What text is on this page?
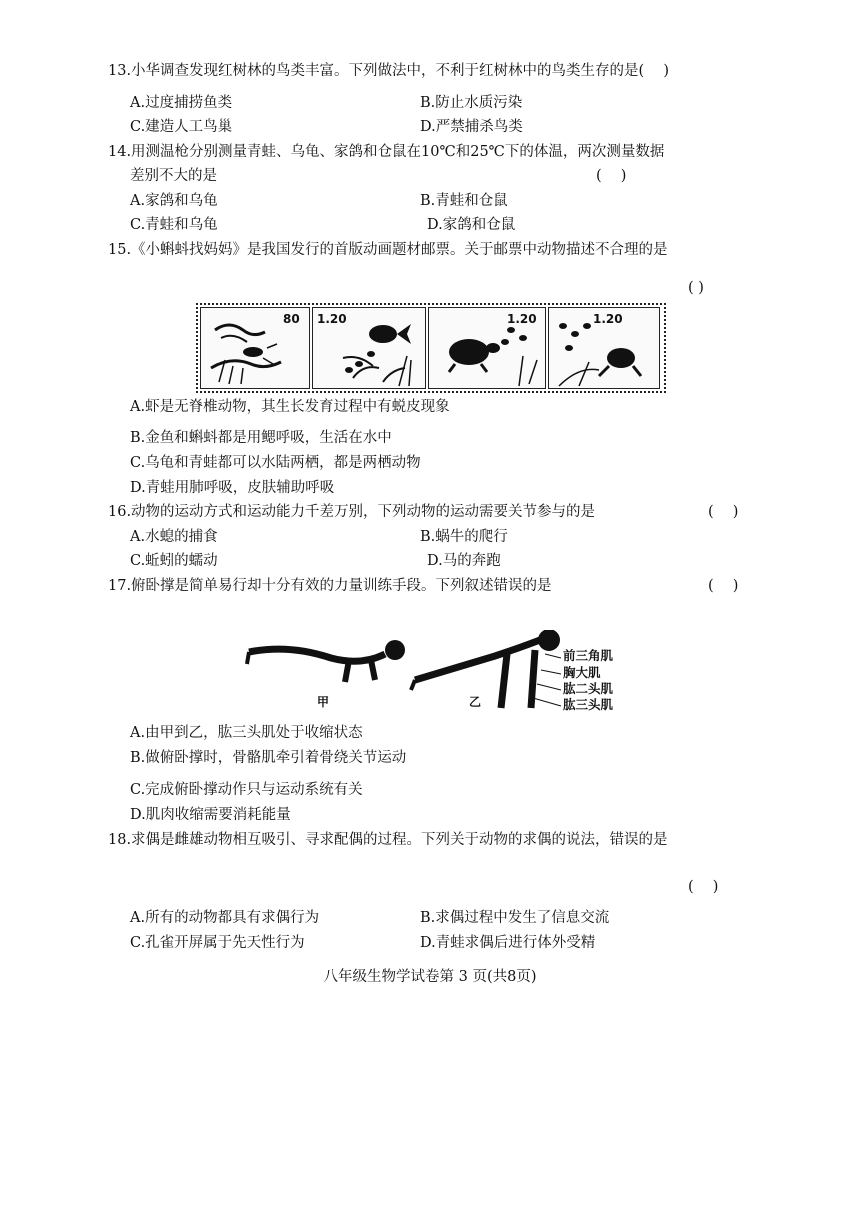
13.小华调查发现红树林的鸟类丰富。下列做法中，不利于红树林中的鸟类生存的是(　 )
A.过度捕捞鱼类	B.防止水质污染
C.建造人工鸟巢	D.严禁捕杀鸟类
14.用测温枪分别测量青蛙、乌龟、家鸽和仓鼠在10℃和25℃下的体温，两次测量数据
差别不大的是	(　 )
A.家鸽和乌龟	B.青蛙和仓鼠
C.青蛙和乌龟	D.家鸽和仓鼠
15.《小蝌蚪找妈妈》是我国发行的首版动画题材邮票。关于邮票中动物描述不合理的是
( )
80 1.20	1.20	1.20
A.虾是无脊椎动物，其生长发育过程中有蜕皮现象
B.金鱼和蝌蚪都是用鳃呼吸，生活在水中
C.乌龟和青蛙都可以水陆两栖，都是两栖动物
D.青蛙用肺呼吸，皮肤辅助呼吸
16.动物的运动方式和运动能力千差万别，下列动物的运动需要关节参与的是	(　 )
A.水螅的捕食	B.蜗牛的爬行
C.蚯蚓的蠕动	D.马的奔跑
17.俯卧撑是简单易行却十分有效的力量训练手段。下列叙述错误的是	(　 )
甲	乙
前三角肌
胸大肌
肱二头肌
肱三头肌
A.由甲到乙，肱三头肌处于收缩状态
B.做俯卧撑时，骨骼肌牵引着骨绕关节运动
C.完成俯卧撑动作只与运动系统有关
D.肌肉收缩需要消耗能量
18.求偶是雌雄动物相互吸引、寻求配偶的过程。下列关于动物的求偶的说法，错误的是
(　 )
A.所有的动物都具有求偶行为	B.求偶过程中发生了信息交流
C.孔雀开屏属于先天性行为	D.青蛙求偶后进行体外受精
八年级生物学试卷第 3 页(共8页)
